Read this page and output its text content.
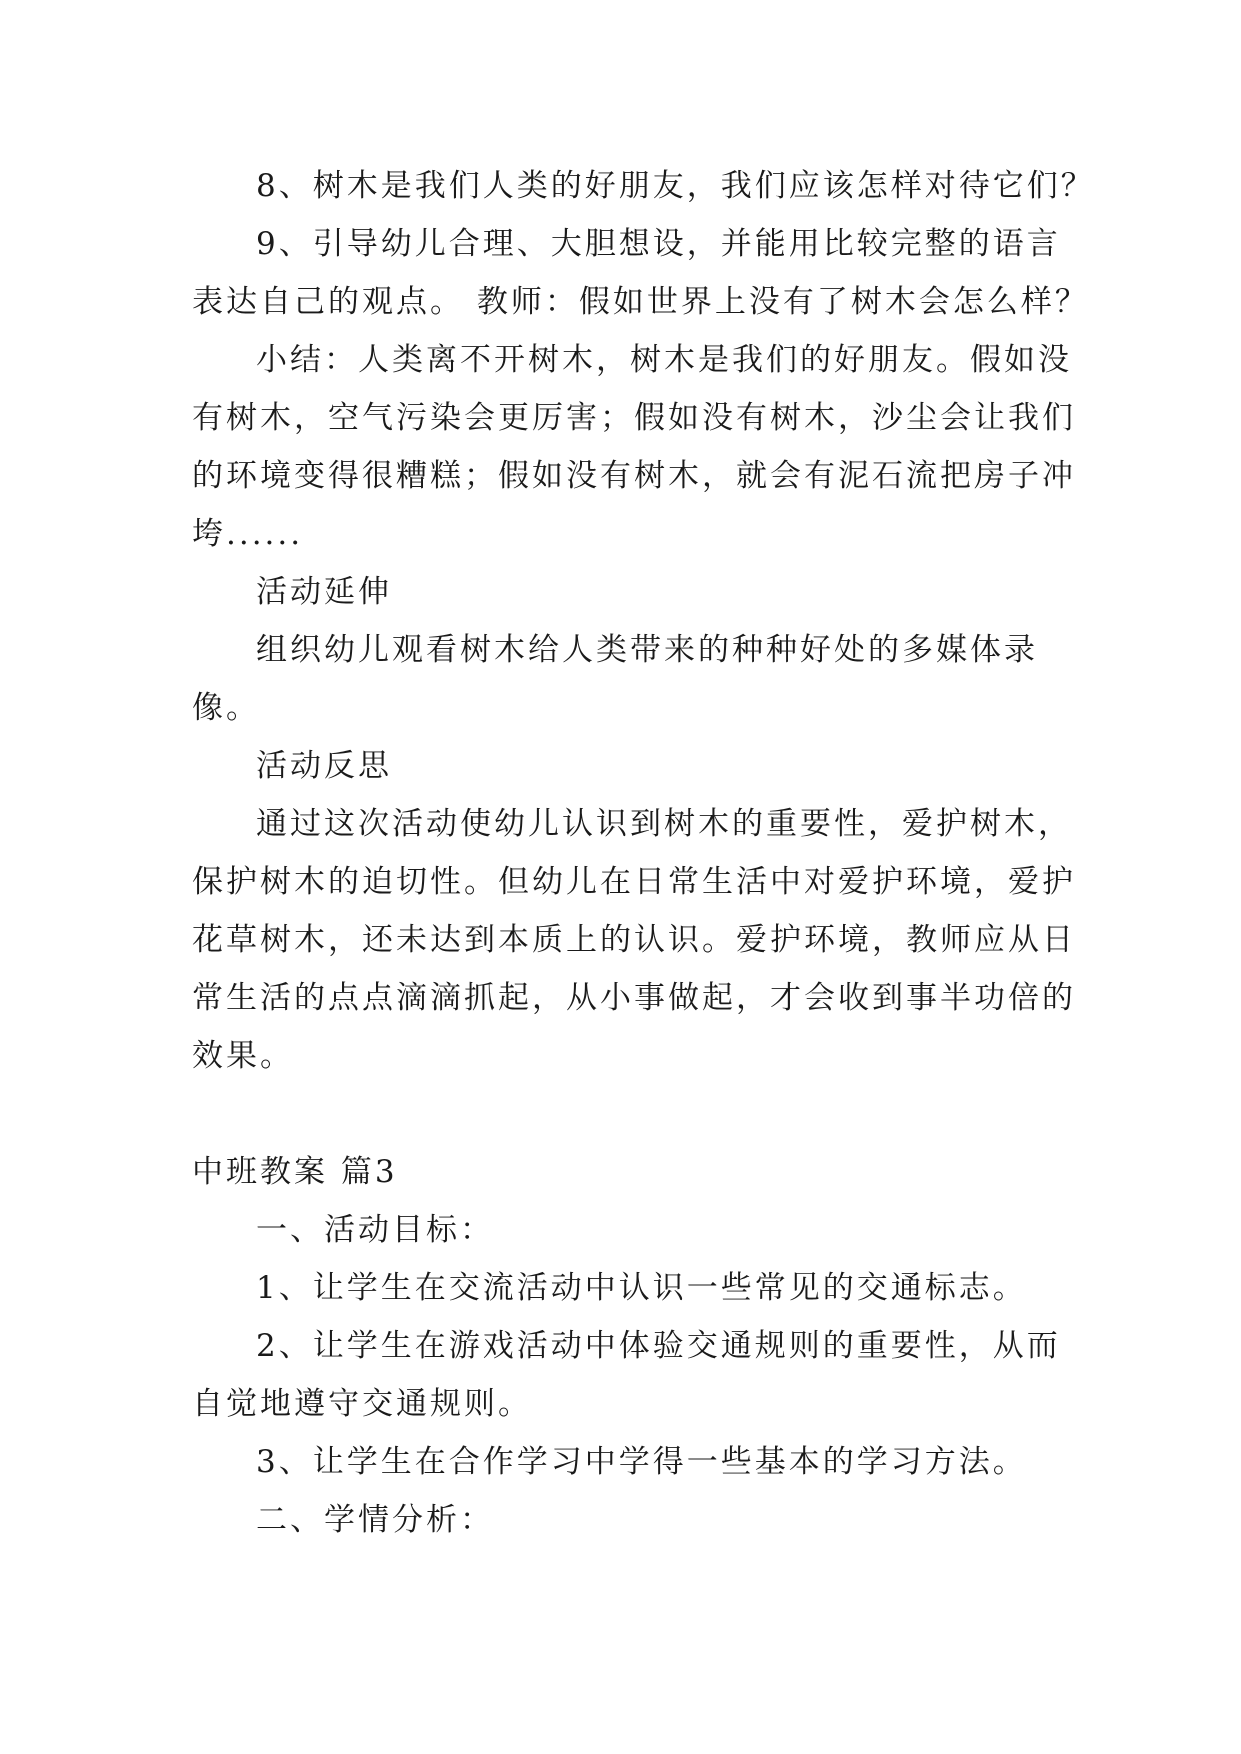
8、树木是我们人类的好朋友，我们应该怎样对待它们？
9、引导幼儿合理、大胆想设，并能用比较完整的语言
表达自己的观点。 教师：假如世界上没有了树木会怎么样？
小结：人类离不开树木，树木是我们的好朋友。假如没
有树木，空气污染会更厉害；假如没有树木，沙尘会让我们
的环境变得很糟糕；假如没有树木，就会有泥石流把房子冲
垮......
活动延伸
组织幼儿观看树木给人类带来的种种好处的多媒体录
像。
活动反思
通过这次活动使幼儿认识到树木的重要性，爱护树木，
保护树木的迫切性。但幼儿在日常生活中对爱护环境，爱护
花草树木，还未达到本质上的认识。爱护环境，教师应从日
常生活的点点滴滴抓起，从小事做起，才会收到事半功倍的
效果。
中班教案 篇3
一、活动目标：
1、让学生在交流活动中认识一些常见的交通标志。
2、让学生在游戏活动中体验交通规则的重要性，从而
自觉地遵守交通规则。
3、让学生在合作学习中学得一些基本的学习方法。
二、学情分析：
